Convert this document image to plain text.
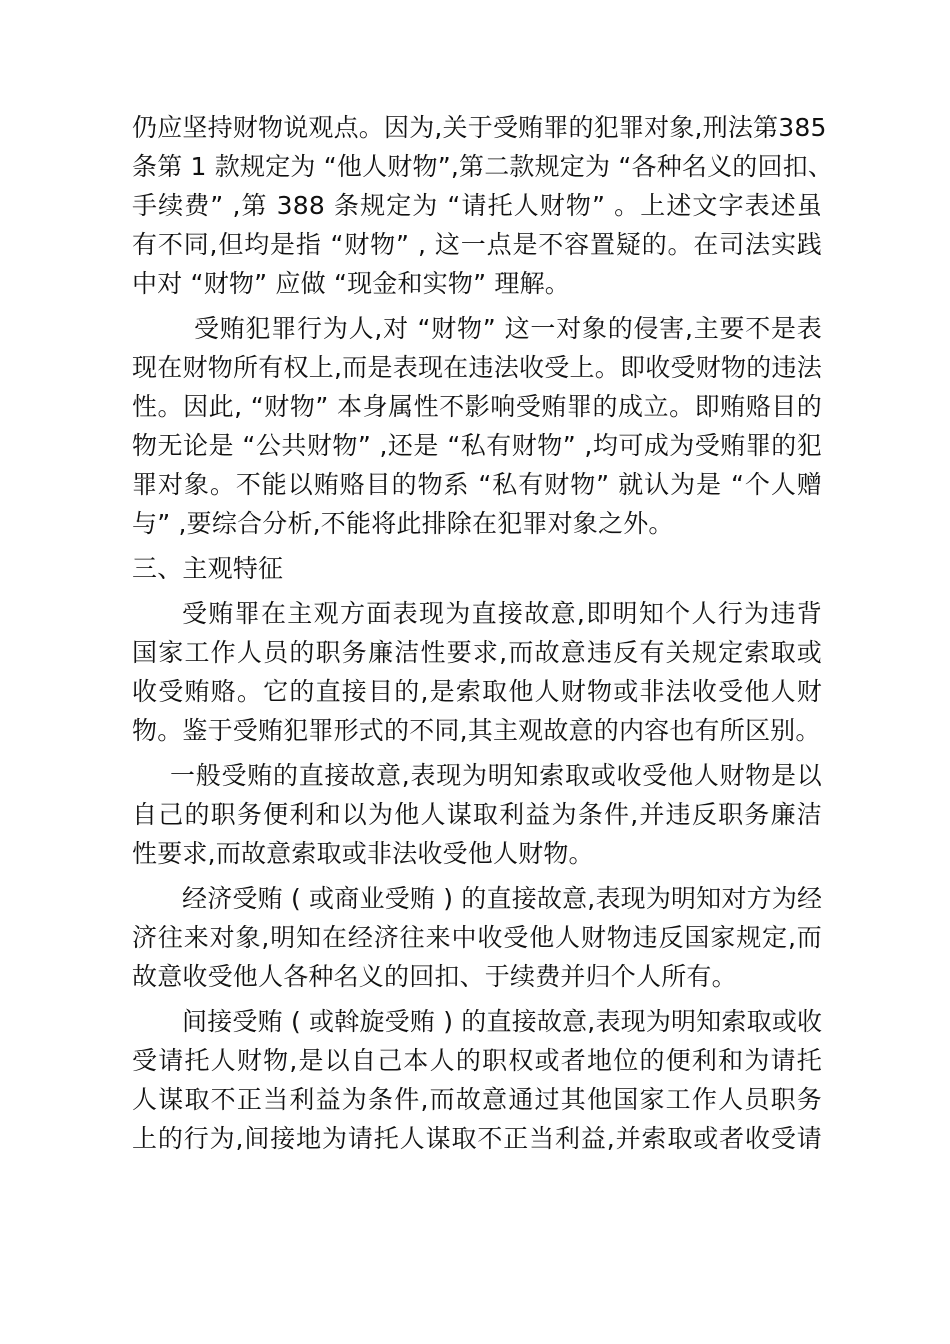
仍应坚持财物说观点。因为,关于受贿罪的犯罪对象,刑法第385
条第 1 款规定为 “他人财物”,第二款规定为 “各种名义的回扣、
手续费” ,第 388 条规定为 “请托人财物” 。上述文字表述虽
有不同,但均是指 “财物” , 这一点是不容置疑的。在司法实践
中对 “财物” 应做 “现金和实物” 理解。
受贿犯罪行为人,对 “财物” 这一对象的侵害,主要不是表
现在财物所有权上,而是表现在违法收受上。即收受财物的违法
性。因此, “财物” 本身属性不影响受贿罪的成立。即贿赂目的
物无论是 “公共财物” ,还是 “私有财物” ,均可成为受贿罪的犯
罪对象。不能以贿赂目的物系 “私有财物” 就认为是 “个人赠
与” ,要综合分析,不能将此排除在犯罪对象之外。
三、主观特征
受贿罪在主观方面表现为直接故意,即明知个人行为违背
国家工作人员的职务廉洁性要求,而故意违反有关规定索取或
收受贿赂。它的直接目的,是索取他人财物或非法收受他人财
物。鉴于受贿犯罪形式的不同,其主观故意的内容也有所区别。
一般受贿的直接故意,表现为明知索取或收受他人财物是以
自己的职务便利和以为他人谋取利益为条件,并违反职务廉洁
性要求,而故意索取或非法收受他人财物。
经济受贿 ( 或商业受贿 ) 的直接故意,表现为明知对方为经
济往来对象,明知在经济往来中收受他人财物违反国家规定,而
故意收受他人各种名义的回扣、于续费并归个人所有。
间接受贿 ( 或斡旋受贿 ) 的直接故意,表现为明知索取或收
受请托人财物,是以自己本人的职权或者地位的便利和为请托
人谋取不正当利益为条件,而故意通过其他国家工作人员职务
上的行为,间接地为请托人谋取不正当利益,并索取或者收受请
